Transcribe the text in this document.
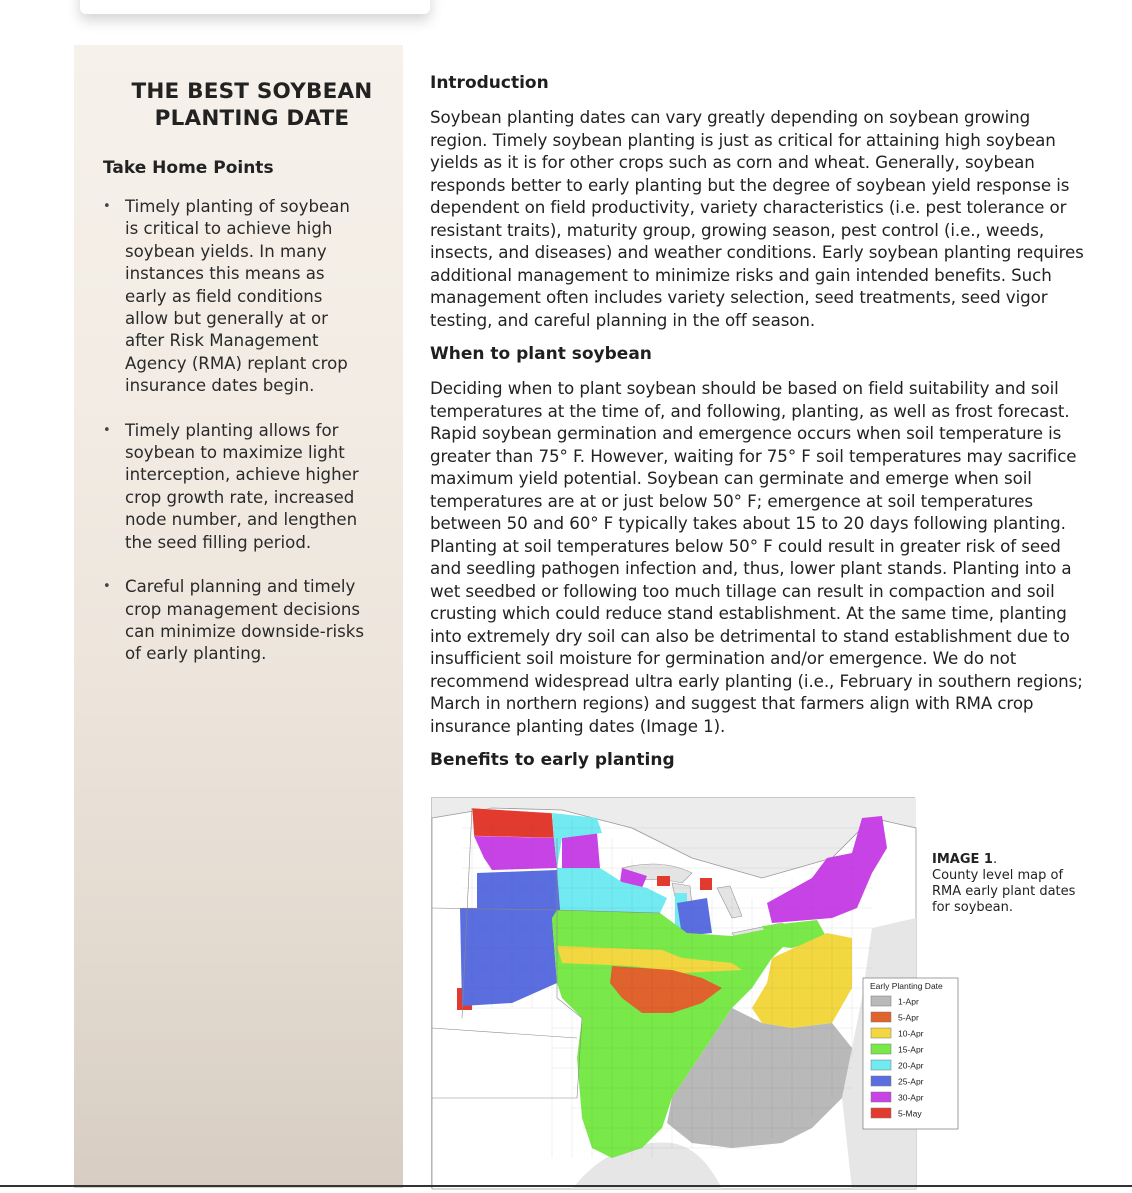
THE BEST SOYBEAN
PLANTING DATE
Take Home Points
• Timely planting of soybean is critical to achieve high soybean yields. In many instances this means as early as field conditions allow but generally at or after Risk Management Agency (RMA) replant crop insurance dates begin.
• Timely planting allows for soybean to maximize light interception, achieve higher crop growth rate, increased node number, and lengthen the seed filling period.
• Careful planning and timely crop management decisions can minimize downside-risks of early planting.
Introduction

Soybean planting dates can vary greatly depending on soybean growing region. Timely soybean planting is just as critical for attaining high soybean yields as it is for other crops such as corn and wheat. Generally, soybean responds better to early planting but the degree of soybean yield response is dependent on field productivity, variety characteristics (i.e. pest tolerance or resistant traits), maturity group, growing season, pest control (i.e., weeds, insects, and diseases) and weather conditions. Early soybean planting requires additional management to minimize risks and gain intended benefits. Such management often includes variety selection, seed treatments, seed vigor testing, and careful planning in the off season.

When to plant soybean

Deciding when to plant soybean should be based on field suitability and soil temperatures at the time of, and following, planting, as well as frost forecast. Rapid soybean germination and emergence occurs when soil temperature is greater than 75° F. However, waiting for 75° F soil temperatures may sacrifice maximum yield potential. Soybean can germinate and emerge when soil temperatures are at or just below 50° F; emergence at soil temperatures between 50 and 60° F typically takes about 15 to 20 days following planting. Planting at soil temperatures below 50° F could result in greater risk of seed and seedling pathogen infection and, thus, lower plant stands. Planting into a wet seedbed or following too much tillage can result in compaction and soil crusting which could reduce stand establishment. At the same time, planting into extremely dry soil can also be detrimental to stand establishment due to insufficient soil moisture for germination and/or emergence. We do not recommend widespread ultra early planting (i.e., February in southern regions; March in northern regions) and suggest that farmers align with RMA crop insurance planting dates (Image 1).

Benefits to early planting
Early Planting Date
1-Apr
5-Apr
10-Apr
15-Apr
20-Apr
25-Apr
30-Apr
5-May
IMAGE 1.
County level map of RMA early plant dates for soybean.
